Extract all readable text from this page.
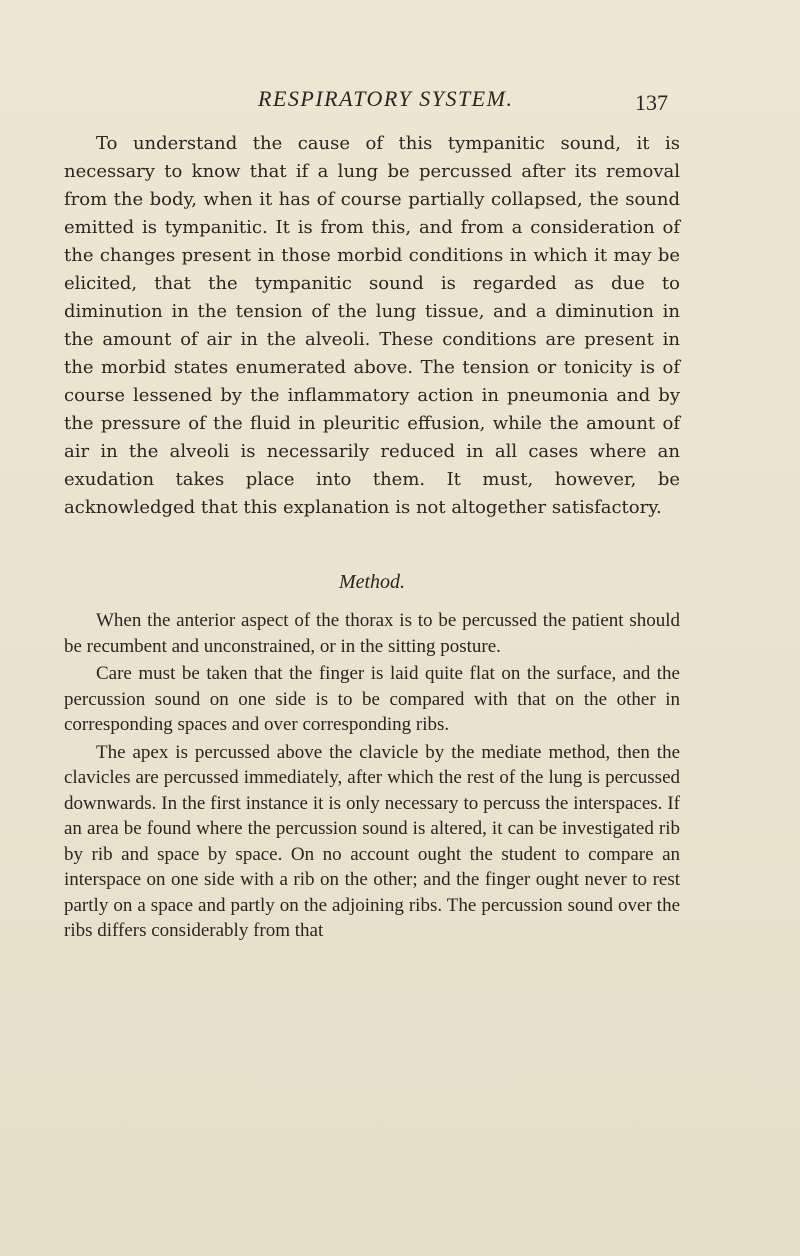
RESPIRATORY SYSTEM.	137

To understand the cause of this tympanitic sound, it is necessary to know that if a lung be percussed after its removal from the body, when it has of course partially collapsed, the sound emitted is tympanitic. It is from this, and from a consideration of the changes present in those morbid conditions in which it may be elicited, that the tympanitic sound is regarded as due to diminution in the tension of the lung tissue, and a diminution in the amount of air in the alveoli. These conditions are present in the morbid states enumerated above. The tension or tonicity is of course lessened by the inflammatory action in pneumonia and by the pressure of the fluid in pleuritic effusion, while the amount of air in the alveoli is necessarily reduced in all cases where an exudation takes place into them. It must, however, be acknowledged that this explanation is not altogether satisfactory.

Method.

When the anterior aspect of the thorax is to be percussed the patient should be recumbent and unconstrained, or in the sitting posture.

Care must be taken that the finger is laid quite flat on the surface, and the percussion sound on one side is to be compared with that on the other in corresponding spaces and over corresponding ribs.

The apex is percussed above the clavicle by the mediate method, then the clavicles are percussed immediately, after which the rest of the lung is percussed downwards. In the first instance it is only necessary to percuss the interspaces. If an area be found where the percussion sound is altered, it can be investigated rib by rib and space by space. On no account ought the student to compare an interspace on one side with a rib on the other; and the finger ought never to rest partly on a space and partly on the adjoining ribs. The percussion sound over the ribs differs considerably from that
